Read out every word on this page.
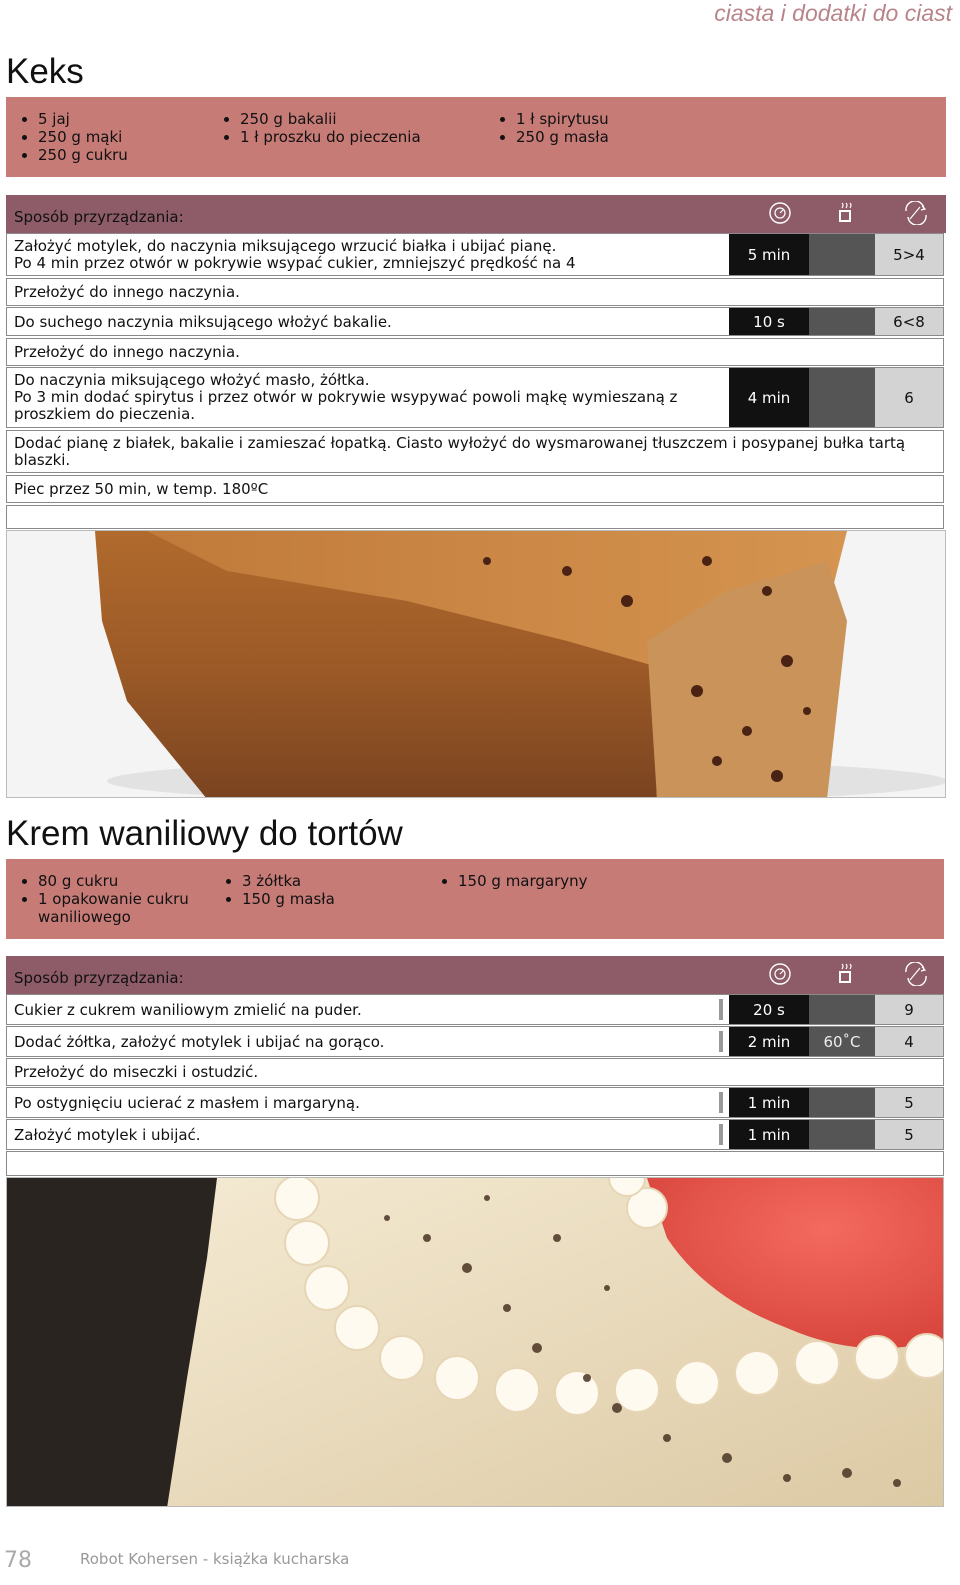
ciasta i dodatki do ciast
Keks
• 5 jaj
• 250 g mąki
• 250 g cukru
• 250 g bakalii
• 1 ł proszku do pieczenia
• 1 ł spirytusu
• 250 g masła
Sposób przyrządzania:
Założyć motylek, do naczynia miksującego wrzucić białka i ubijać pianę.
Po 4 min przez otwór w pokrywie wsypać cukier, zmniejszyć prędkość na 4	5 min	5>4
Przełożyć do innego naczynia.
Do suchego naczynia miksującego włożyć bakalie.	10 s	6<8
Przełożyć do innego naczynia.
Do naczynia miksującego włożyć masło, żółtka.
Po 3 min dodać spirytus i przez otwór w pokrywie wsypywać powoli mąkę wymieszaną z proszkiem do pieczenia.
4 min	6
Dodać pianę z białek, bakalie i zamieszać łopatką. Ciasto wyłożyć do wysmarowanej tłuszczem i posypanej bułka tartą blaszki.
Piec przez 50 min, w temp. 180ºC
Krem waniliowy do tortów
• 80 g cukru
• 1 opakowanie cukru waniliowego
• 3 żółtka
• 150 g masła
• 150 g margaryny
Sposób przyrządzania:
Cukier z cukrem waniliowym zmielić na puder.	20 s	9
Dodać żółtka, założyć motylek i ubijać na gorąco.	2 min	60˚C	4
Przełożyć do miseczki i ostudzić.
Po ostygnięciu ucierać z masłem i margaryną.	1 min	5
Założyć motylek i ubijać.	1 min	5
78	Robot Kohersen - książka kucharska
